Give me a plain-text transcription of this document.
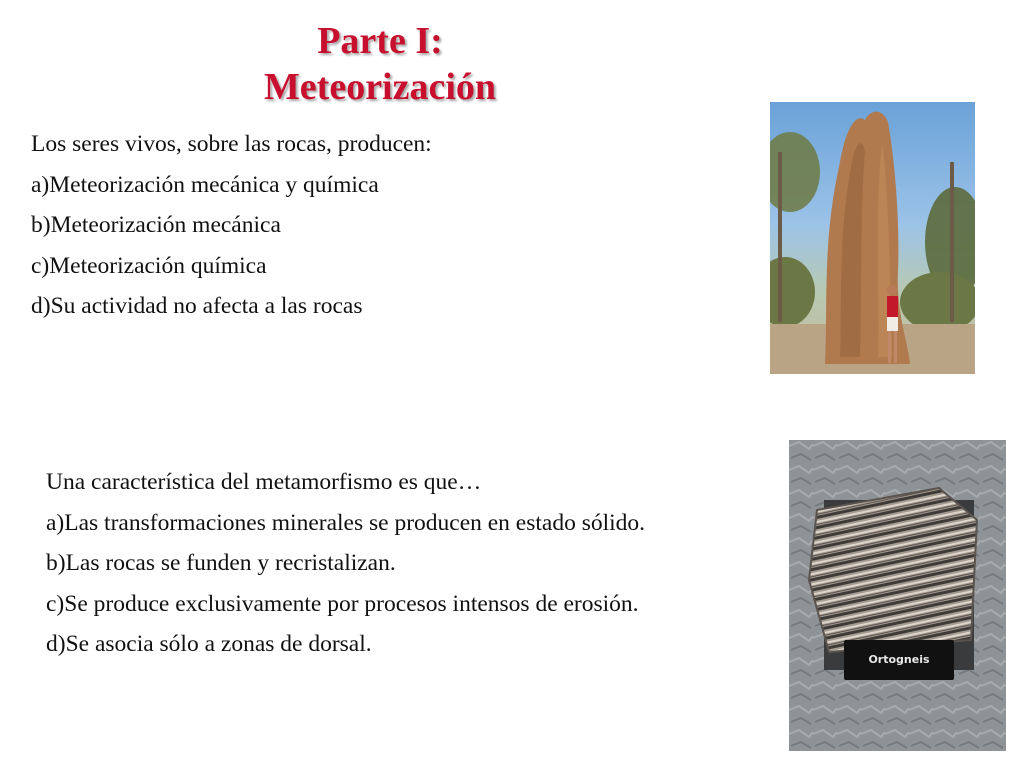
Parte I:
Meteorización
Los seres vivos, sobre las rocas, producen:
a)Meteorización mecánica y química
b)Meteorización mecánica
c)Meteorización química
d)Su actividad no afecta a las rocas
Una característica del metamorfismo es que…
a)Las transformaciones minerales se producen en estado sólido.
b)Las rocas se funden y recristalizan.
c)Se produce exclusivamente por procesos intensos de erosión.
d)Se asocia sólo a zonas de dorsal.
Ortogneis
